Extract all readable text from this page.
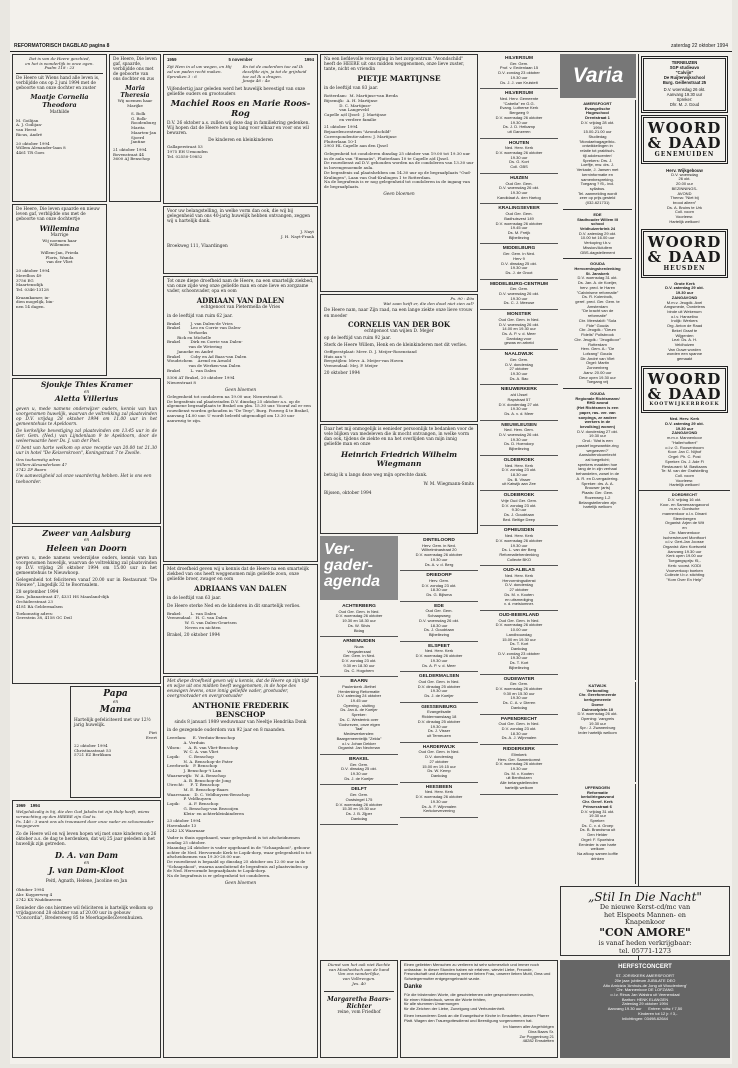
REFORMATORISCH DAGBLAD pagina 8	zaterdag 22 oktober 1994
Dat is van de Heere geschied,
en het is wonderlijk in onze ogen.
Psalm 118 : 23
De Heere uit Wiens hand alle leven is, verblijdde ons op 2 juni 1994 met de geboorte van onze dochter en zuster
Maatje Cornelia Theodora
Mathilde
M. Goilijan
A. J. Goilijan-
van Heest
Ricus, André
20 oktober 1994
Willem Alexander-laan 8
4461 TR Goes
De Heere, Die leven spaarde en nieuw leven gaf, verblijdde ons met de geboorte van onze dochtertje
Willemina
Marrige
Wij noemen haar
Willemien
Willem-Jan, Frieda
Floris, Wanda
van der Vliet
20 oktober 1994
Merelbos 49
3756 EG
Maartensdijk
Tel. 0346-13128
Kraamkamer, in-
dien mogelijk, bin-
nen 14 dagen.
Sjoukje Thies Kramer
en
Aletta Villerius

geven u, mede namens onderwijzer ouders, kennis van hun voorgenomen huwelijk, waarvan de voltrekking zal plaatsvinden op D.V. vrijdag 28 oktober 1994 om 11.00 uur in het gemeentehuis te Apeldoorn.

De kerkelijke bevestiging zal plaatsvinden om 13.45 uur in de Ger. Gem. (Ned.) van Lijndenlaan 9 te Apeldoorn, door de weleerwaarde heer Ds. J. van der Poel.

U bent van harte welkom op onze receptie van 20.00 tot 21.30 uur in hotel "De Keizerskroon", Koningstraat 7 te Zwolle.

Ons toekomstig adres
Willem-Alexanderlaan 47
3742 ZP Baarn
Uw aanwezigheid zal onze waardering hebben. Het is ons een toehoorder.
Zweer van Aalsburg
en
Heleen van Doorn

geven u, mede namens wederzijdse ouders, kennis van hun voorgenomen huwelijk, waarvan de voltrekking zal plaatsvinden op D.V. vrijdag 28 oktober 1994 om 15.00 uur in het gemeentehuis te Nieuwkoop.

Gelegenheid tot feliciteren vanaf 20.00 uur in Restaurant "De Nieuwe", Lingedijk 32 te Boornsalem.

28 september 1994
Kon. Julianastraat 47, 4331 HS Maasland-dijk
Orchideestraat 23
4181 BA Geldermalsen
Toekomstig adres:
Gerestein 38, 4158 GC Deil
Papa
en
Mama
Hartelijk gefeliciteerd met uw 12½ jarig huwelijk.
Piet
Evert
22 oktober 1994
Christinastraat 53
5721 EZ Berlikum
1969    1994
Welgelukzalig is hij, die den God Jakobs tot zijn Hulp heeft, wiens verwachting op den HEERE zijn God is.
Ps. 146 : 3 want ons als trouwaard door onze vader en schoonvader toegegeven
Zo de Heere wil en wij leven hopen wij met onze kinderen op 26 oktober a.s. de dag te herdenken, dat wij 25 jaar geleden in het huwelijk zijn getreden.
D. A. van Dam
en
J. van Dam-Kloot
Peitl, Agnath, Helene, Jacoline en Jan
Oktober 1994
Abr. Kuyperweg 4
2742 KX Waddinxveen
Eenieder die ons hiermee wil feliciteren is hartelijk welkom op vrijdagavond 28 oktober van af 20.00 uur in gebouw "Concordia", Bredereweg 85 te Moerkapelle/Zevenhuizen.
De Heere, Die leven gaf, spaarde, verblijdde ons met de geboorte van ons dochter en zus
Maria Theresia
Wij noemen haar
Marijke
S. Bolk
G. Bolk-
Roodenburg
Marita
Maarten-Jan
Sjoerd
Jantine
21 oktober 1994
Bovenstraat 44
3600 AJ Benschop
1959	5 november	1994
Zijt Hem in al uw wegen, en Hij zal uw paden recht maken.
Spreuken 3 : 6
En tot de ouderdom toe zal Ik dezelfde zijn, ja tot de grijsheid toe zal Ik u dragen.
Jesaja 46 : 4a
Vijfendertig jaar geleden werd het huwelijk bevestigd van onze geliefde ouders en grootouders
Machiel Roos en Marie Roos-Rog
D.V. 26 oktober a.s. zullen wij deze dag in familiekring gedenken. Wij hopen dat de Heere hen nog lang voor elkaar en voor ons wil bewaren.
De kinderen en kleinkinderen
Gallaperstraat 53
1975 EH Urmonden
Tel. 02550-19852
Voor uw belangstelling, in welke vorm dan ook, die wij bij gelegenheid van ons 40-jarig huwelijk hebben ontvangen, zeggen wij u hartelijk dank.
J. Nayt
J. H. Nayt-Frank
Broekweg 111, Vlaardingen
Tot onze diepe droefheid nam de Heere, na een smartelijk ziekbed, van onze zijde weg onze geliefde man en onze lieve en zorgzame vader, schoonvader, opa en oom
ADRIAAN VAN DALEN
echtgenoot van Pietermella de Vries
in de leeftijd van ruim 62 jaar.
Brakel        J. van Dalen-de Vries
Brakel        Leo en Corrie van Dalen-
Verhoeks
Rick en Michelle
Brakel        Dirk en Corrie van Dalen-
van de Wetering
Janneke en André
Brakel        Coby en Ad Baas-van Dalen
Woudrichem    Arend en Arnold
van de Werken-van Dalen
Brakel        L. van Dalen
5306 AT Brakel, 20 oktober 1994
Nieuwstraat 8
Geen bloemen
Gelegenheid tot condoleren na 19.00 uur, Nieuwstraat 8.
De begrafenis zal plaatsvinden D.V. dinsdag 25 oktober a.s. op de algemene begraafplaats te Brakel om plm. 15.30 uur. Vooraf zal er een rouwdienst worden gehouden in "De Terp", Burg. Posweg 4 te Brakel, aanvang 14.00 uur. U wordt beleefd uitgenodigd om 13.30 uur aanwezig te zijn.
Met droefheid geven wij u kennis dat de Heere na een smartelijk ziekbed van ons heeft weggenomen mijn geliefde zoon, onze geliefde broer, zwager en oom
ADRIAANS VAN DALEN
in de leeftijd van 63 jaar.
De Heere sterke Ned en de kinderen in dit smartelijk verlies.
Brakel:       L. van Dalen
Veenendaal:   H. C. van Dalen
W. G. van Dalen-Geurtsen
Neven en nichten
Brakel, 20 oktober 1994
Met diepe droefheid geven wij u kennis, dat de Heere op zijn tijd en wijze uit ons midden heeft weggenomen, in de hope des eeuwigen levens, onze innig geliefde vader, grootvader, overgrootvader en overgrootvader
ANTHONIE FREDERIK BENSCHOP
sinds 8 januari 1989 weduwnaar van Neeltje Hendrika Donk
in de gezegende ouderdom van 92 jaar en 8 maanden.
Leerdam:     E. Verduin-Benschop
A. Verduin
Vilsen:      A. R. van Vliet-Benschop
W. C. A. van Vliet
Lopik:       C. Benschop
N. A. Benschop-de Pater
Leerbroek:   P. Benschop
J. Benschop-'t Lam
Waarnewijk:  W. A. Benschop
A. B. Benschop-de Jong
Utrecht:     F. T. Benschop
M. E. Benschop-Baars
Waaresaan:   D. C. Veldhuyzen-Benschop
P. Veldhuyzen
Lopik:       A. F. Benschop
G. Benschop-van Bezooijen
Klein- en achterkleinkinderen
23 oktober 1994
Havenkade 13
2242 LX Waarnaar
Vader is thuis opgebaard, waar gelegenheid is tot afscheidnemen zondag 25 oktober.
Maandag 24 oktober is vader opgebaard in de "Schaapskooi", gebouw achter de Ned. Hervormde Kerk te Lopik-dorp, waar gelegenheid is tot afscheidnemen van 19.30-20.00 uur.
De rouwdienst is bepaald op dinsdag 25 oktober om 12.00 uur in de "Schaapskooi", waarna aansluitend de begrafenis zal plaatsvinden op de Ned. Hervormde begraafplaats te Lopik-dorp.
Na de begrafenis is er gelegenheid tot condoleren.
Geen bloemen
Na een liefdevolle verzorging in het zorgcentrum "Avondschild" heeft de HEERE uit ons midden weggenomen, onze lieve zuster, tante, nicht en vriendin
PIETJE MARTIJNSE
in de leeftijd van 83 jaar.
Rotterdam:  M. Martijnse-van Breda
Bijsemijk:  A. H. Martijnse
D. C. Martijnse-
van Langeveld
Capelle a/d IJssel:  J. Martijnse
en verdere familie
21 oktober 1994
Bejaardencentrum "Avondschild"
Correspondentie-adres: J. Martijnse
Fluiterlaan 10-1
2903 HL Capelle aan den IJssel
Gelegenheid tot condoleren dinsdag 25 oktober van 19.00 tot 19.30 uur in de aula van "Emmaüs", Fluiterlaan 10 te Capelle a/d IJssel.
De rouwdienst zal D.V. gehouden worden na de condoleren van 13.30 uur in bovengenoemde aula.
De begrafenis zal plaatshebben om 14.30 uur op de begraafplaats "Oud-Kralingen", Laan van Oud-Kralingen 1 te Rotterdam.
Na de begrafenis is er nog gelegenheid tot condoleren in de ingang van de begraafplaats.
Geen bloemen
Ps. 90 : 49a
Wat zaan heift er, die den dood niet zien zal?
De Heere nam, naar Zijn raad, na een lange ziekte onze lieve vrouw en moeder
CORNELIS VAN DER BOK
echtgenoot van wijlen D. Mejjer
op de leeftijd van ruim 92 jaar.
Sterk de Heere Willem, Henk en de kleinkinderen met dit verlies.
Oeffgeestplaat: Mevr. D. J. Meijer-Rosenstand
Huis aan 't
Bergstijlen: Mevr. A. Meijer-van Hoven
Veenendaal: Mej. P. Meijer
20 oktober 1994
Daar het mij onmogelijk is eenieder persoonlijk te bedanken voor de vele blijken van medeleven die ik mocht ontvangen, in welke vorm dan ook, tijdens de ziekte en na het overlijden van mijn innig geliefde man en onze
Heinrich Friedrich Wilhelm Wiegmann
betuig ik u langs deze weg mijn oprechte dank.
W. M. Wiegmann-Smits
Bijssen, oktober 1994
Ver-
gader-
agenda
ACHTERBERG
Oud Ger. Gem. in Ned.
D.V. woensdag 26 oktober
19.30 en 18.30 uur
Ds. W. Silvis
Bidag
ARNEMUIDEN
Nuas
Vergaderzaal
Ger. Gem. in Ned.
D.V. zondag 23 okt.
9.30 en 18.30 uur
Ds. C. Hogchem
BAARN
Paulenkerk -Bethel
Herdenking Reformatie
D.V. zaterdag 24 oktober
19.45 uur
Opening - sluiting
Ds. Jan A. de Koeijer
Spreker:
Ds. C. Westerink over
'Godvrezen, onze eigen
Taal'
Medewerkenden:
Baargemeentelijk "Zelda"
o.l.v. Johan Dekker
Organist: Jan Nechman
BRAKEL
Ger. Gem.
D.V. dinsdag 25 okt.
19.30 uur
Ds. J. de Koeijer
DELFT
Ger. Gem.
Oostsingel 175
D.V. woensdag 26 oktober
15.30 en 19.30 uur
Ds. J. B. Zijper
Dankdag
DINTELOORD
Herv. Gem. in Ned.
Wilhelminastraat 20
D.V. woensdag 26 oktober
19.30 uur
Ds. A. v. d. Berg
DRIEDORP
Herv. Gem.
D.V. zondag 23 okt.
18.30 uur
Ds. G. Bijlsma
EDE
Oud Ger. Gem.
Schaapsweg
D.V. woensdag 26 okt.
18.30 uur
Ds. J. Goudriaan
Bijbellezing
ELSPEET
Ned. Herv. Kerk
D.V. woensdag 26 oktober
19.30 uur
Ds. A. P. v. d. Meer
GELDERMALSEN
Oud Ger. Gem. in Ned.
D.V. dinsdag 25 oktober
19.30 uur
Ds. J. de Koeijer
GIESSENBURG
Evangelisatie
Riddermanslaag 18
D.V. dinsdag 25 oktober
19.30 uur
Ds. J. Visser
uit Terneuzen
HARDERWIJK
Oud Ger. Gem. in Ned.
D.V. donderdag
27 oktober
15.00 en 19.15 uur
Ds. W. Kemp
Dankdag
HEESBEEN
Ned. Herv. Kerk
D.V. woensdag 26 oktober
19.30 uur
Ds. A. F. Wijnmalen
Kerkdorverzening
HILVERSUM
Ger. Gem.
Prof. v. Eedenlaan 15
D.V. zondag 23 oktober
19.30 uur
Ds. J. J. van Kruistelt
HILVERSUM
Ned. Herv. Gemeente
"Cabella" en G.G.
Evang. Lutherse Kerk
Bergweg 9
D.V. woensdag 26 oktober
19.30 uur
Ds. J. D. Heikamp
uit Ganzeren
HOUTEN
Ned. Herv. Kerk
D.V. woensdag 26 oktober
19.30 uur
Ds. G. Kort
Coll. GBS
HUIZEN
Oud Ger. Gem.
D.V. woensdag 26 okt.
19.30 uur
Kandidaat A. den Hartog
KRALINGSEVEER
Oud Ger. Gem.
Badhuisvest 149
D.V. woensdag 26 oktober
19.45 uur
Ds. M. Freijk
Bijbellezing
MIDDELBURG
Ger. Gem. in Ned.
Herv 9
D.V. dinsdag 25 okt.
19.30 uur
Ds. J. de Groot
MIDDELBURG-CENTRUM
Ger. Gem.
D.V. woensdag 26 okt.
19.30 uur
Ds. C. J. Meeuse
MONSTER
Oud Ger. Gem. in Ned.
D.V. woensdag 26 okt.
14.00 en 19.30 uur
Ds. A. P. v. d. Meer
Dankdag voor
gewas en arbeid
NAALDWIJK
Ger. Gem.
D.V. donderdag
27 oktober
19.30 uur
Ds. A. Bac
NIEUWERKERK
a/d IJssel
Rapstraat 57
D.V. donderdag 27 okt.
19.30 uur
Ds. A. v. d. Meer
NIEUWLEUSEN
Ned. Herv. Gem.
D.V. woensdag 26 okt.
19.30 uur
Ds. D. Hoendorp
Bijbellezing
OLDEBROEK
Ned. Herv. Kerk
D.V. zondag 23 okt.
18.30 uur
Ds. B. Visser
uit Katwijk aan Zee
OLDEBROEK
Vrije Oud Ger. Gem.
D.V. zondag 23 okt.
9.30 uur
Ds. J. Goudriaan
Bed. Beltige Deep
OPHEUSDEN
Ned. Herv. Kerk
D.V. woensdag 26 oktober
19.30 uur
Ds. L. van der Berg
Reformatieherdenking
Collecte BKO
OUD-ALBLAS
Ned. Herv. Kerk
Hervormingsdienst
D.V. donderdag
27 oktober
Ds. M. v. Kooten
en uitsmediging
v. d. meisiomner.
OUD-BEIERLAND
Oud Ger. Gem. in Ned.
D.V. woensdag 26 oktober
10.00 uur
Landbouwdag
15.00 en 19.30 uur
Ds. T. Kort
Dankdag
D.V. zondag 23 oktober
19.30 uur
Ds. T. Kort
Bijbellezing
OUDEWATER
Ger. Gem.
D.V. woensdag 26 oktober
9.30 en 15.30 uur
19.30 uur
Ds. C. A. v. Dieren
Dankdag
PAPENDRECHT
Oud Ger. Gem. in Ned.
D.V. zondag 23 okt.
18.30 uur
Ds. A. J. Wijnmalen
RIDDERKERK
Elimkerk
Herv. Ger. Samenkomst
D.V. woensdag 26 oktober
19.30 uur
Ds. M. v. Kooten
uit Benthuizen
Alle belangstellenden
hartelijk welkom
Dienst van het ook niet Rechte
van Mooiheidsch aan de hand
Van ons wonderlijke,
van Volbrengen.
Jes. 40
Margaretha Baars-Richter
reine, vom Friedhof
Einen geliebten Menschen zu verlieren ist sehr schmerzlich und immer noch unfassbar. In dieser Stunden haben wir erfahren, wieviel Liebe, Freunde, Freundschaft und Anerkennung meiner lieben Frau, unserer lieben Mutti, Oma und Schwiegermutter entgegengebracht wurde.
Danke
Für die tröstenden Worte, die geschriebenen oder gesprochenen wurden,
für einen Händedruck, wenn die Worte fehlten,
für alle stummen Umarmungen
für die Zeichen der Liebe, Zuneigung und Verbundenheit.
Einen besonderen Dank an die Evangelische Kirche in Emsdetten, dessen Pfarrer Platt. Wagen den Trauergottesdienst und Beerdigung vorgenommen hat.
Im Namen aller Angehörigen
Dina Baars Sr.
Zur Poggenburg 21
48282 Emsdetten
TERNEUZEN
SGP studieavo
"Calvijn"
De Ruijterwijkschool
Burg. Geillenstraat 25
D.V. woensdag 26 okt.
Aanvang 19.30 uur
Spreker:
Dhr. M. J. Goud
WOORD
& DAAD
GENEMUIDEN
Herv. Wijkgebouw
D.V. woensdag
26 okt.
20.00 uur
BEZINNINGS-
AVOND
Thema: "Niet bij
brood alleen"
Ds. A. Bruins te Urk
Coll. voorn
Voorleesr.
Hartelijk welkom!
WOORD
& DAAD
HEUSDEN
Grote Kerk
D.V. zaterdag 29 okt.
19.30 uur
ZANGAVOND
M.m.v. Jeugdk. Axel
Amgsmede, Oordelens
binde uit Wekenum
o.l.v. Hanselino
Indijk: Werkers
Org. Anton de Raad
Bekel Graaf te
Wijgerden
Lezi: Ds. A. H.
Veldhuizen
Van Ouwe worden
worden een spanne
gemaakt
WOORD
& DAAD
KOOTWIJKERBROEK
Ned. Herv. Kerk
D.V. zaterdag 29 okt.
19.30 uur
ZANGAVOND
m.m.v. Mannenkoor
"Hallerhofbert"
o.l.v. G. Roosenboom
Koor: Jan C. Nijhof
Orgel: Ph. C. Post
Spreker: Ds. J. Ade Fi
Restaurant: M. Bastiaans
Te: M. van der Grafstelling
Coll. voorn
Voorleesr.
Hartelijk welkom!
DORDRECHT
D.V. vrijdag 16 okt.
Koor- en Samenzangavond
m.m.v. Dordsche
mannenkoor o.l.v. Dinant
Steenbergen
Organist: Arjen de Wit
en
Chr. Mannenkoor
Ischersheuvel Montfoort
o.l.v. Gert-Jan Joosse
Organist: Alex Koetsveld
Aanvang 19.30 uur
Kerk open 19.00 uur
Toegangsprijs: f5,-
Kerk: voorst. KODI
Voorverkoop boeken
Collecte t.b.v. stichting
"Kom Over En Help"
Varia
AMERSFOORT
Evangelische
Hogeschool
Drentstraat 1
D.V. vrijdag 28 okt.
1994
15.00-21.00 uur
Studiedag
'Mondaebagage/bio-
ontwikkelingen in
relatie tot praktisch-
tijl adolescenten'
Sprekers: Drs. J.
Loeffje, mw. drs. J.
Verkade, J. Jansen met
kerninformatie en
samenbespreking.
Toegang ? f5,- incl.
syllabus.
Tel. aanmelding wordt
zeer op prijs gesteld
(032-621731)
EDE
Stadhouder Willem III
school
Veldhuizerbrink 24
D.V. zaterdag 29 okt.
10.00 tot 16.00 uur
Verkoping t.b.v.
Mission/Adullem
GBS-dagstellement
GOUDA
Hervormingsherdenking
St. Janskerk
D.V. woensdag 31 okt.
Ds. Jan. A. de Koeijer,
herv. pred. te Haren
"Calvinisme reformatie"
Ds. R. Kolenbolk,
geref. pred. Ger. Gem. te
Amsterdam
"De kracht van de
reformatie"
Cbr. Meestaldt: "Sola
Fide" Gouda
Cbr. Jeugdk.: "Deum
Fidelis" Pollsbrook
Cbr. Jeugdk.: "Jeugdkoor"
Rotterdam
Herv. Gem. A.: "De
Lofzang" Gouda
Dir. André van Vliet
Orgel: Martin
Zonnenberg
Aanv. 20.00 uur
Deur open 19.30 uur
Toegang vrij
GOUDA
Regionale Richtsmann/
RHD avond
(Het Richtsmen is een
paper, ras- ver. van
soepings, ze andere
werkers in de
bevolking) wonen)
D.V. donderdag 27 okt.
19.30 uur
Ond.: 'Wat is een
passief ingewanfde-ring
wegwezen?'
Aansluitendcomtecht
zal toegelicht;
sprekers maakten hoe
lang de in zijn verhaal
behandelen, zowel in de
A. R. en D-vergadering.
Spreker: drs. A. A.
Brouwer (arts)
Plaats: Ger. Gem.
Rozenweg 1-2
Belangstellenden zijn
hartelijk welkom
KATWIJK
Verbonding
Chr. Gereformeerde
kerkgemeente
Doeve
Duinroelplein 10
D.V. woensdag 26 okt.
Opening: 'zangreis
19.30 uur
Spr.: J. Zwanenburg
Ieder hartelijk welkom
UFFENDOEN
Reformatie
kerkdiriegaavond
Chr. Geref. Kerk
Prinsesstraat 6
D.V. vrijdag 31 okt.
19.30 uur
Spreker:
Ds. C. v. d. Groep
Ds. B. Brandsma uit
Den Helder
Orgel: F. Spoelstra
Eenieder is van harte
welkom
Na afloop samen koffie
drinken
„Stil In Die Nacht"
De nieuwe Kerst-cd/mc van
het Elspeets Mannen- en
Knapenkoor
"CON AMORE"
is vanaf heden verkrijgbaar:
tel. 05771-1273
HERFSTCONCERT
ST. JORISKERK AMERSFOORT
20e jaar: jubileum JUBILATE DEO
Alto Amicizia 'Arnhuis-de Jong uit Woudenberg'
Chr. Mannenkoor DE LOFZANG
o.l.v. Rinus Jan Walstra uit Veenendaal
Bariton: HENK ELANGEN
Zaterdag 29 oktober 1994
Aanvang 19.30 uur      Entree: volw. f 7,50
Kinderen tot 12 jr. f 3,-
Inlichtingen: 03498-62644
